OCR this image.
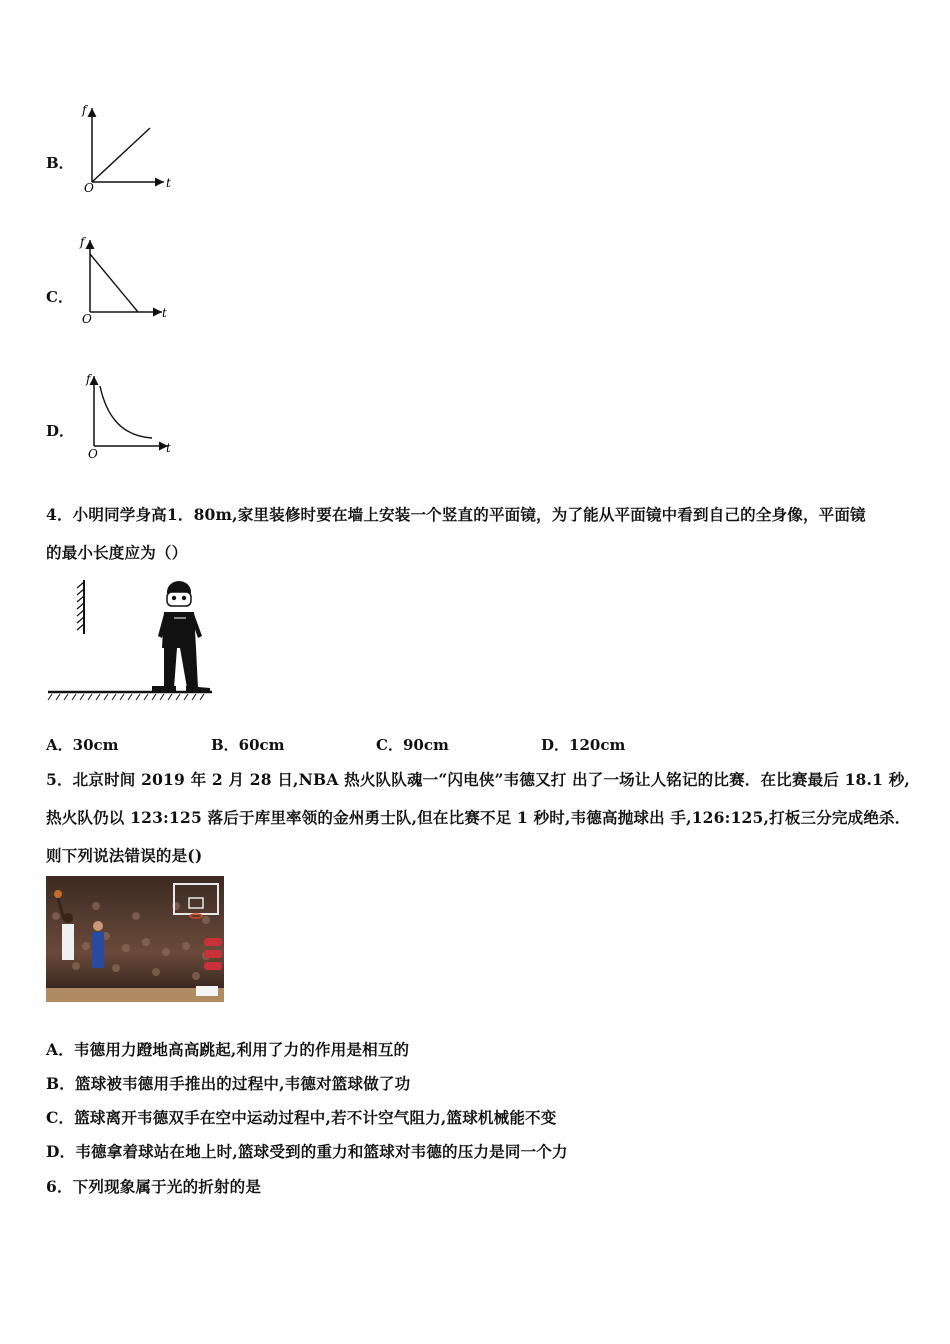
B．
f
t
O
C．
f
t
O
D．
f
t
O
4．小明同学身高1．80m,家里装修时要在墙上安装一个竖直的平面镜，为了能从平面镜中看到自己的全身像，平面镜
的最小长度应为（）
A．30cm	B．60cm	C．90cm	D．120cm
5．北京时间 2019 年 2 月 28 日,NBA 热火队队魂一“闪电侠”韦德又打 出了一场让人铭记的比赛．在比赛最后 18.1 秒,
热火队仍以 123:125 落后于库里率领的金州勇士队,但在比赛不足 1 秒时,韦德高抛球出 手,126:125,打板三分完成绝杀．
则下列说法错误的是()
A．韦德用力蹬地高高跳起,利用了力的作用是相互的
B．篮球被韦德用手推出的过程中,韦德对篮球做了功
C．篮球离开韦德双手在空中运动过程中,若不计空气阻力,篮球机械能不变
D．韦德拿着球站在地上时,篮球受到的重力和篮球对韦德的压力是同一个力
6．下列现象属于光的折射的是
